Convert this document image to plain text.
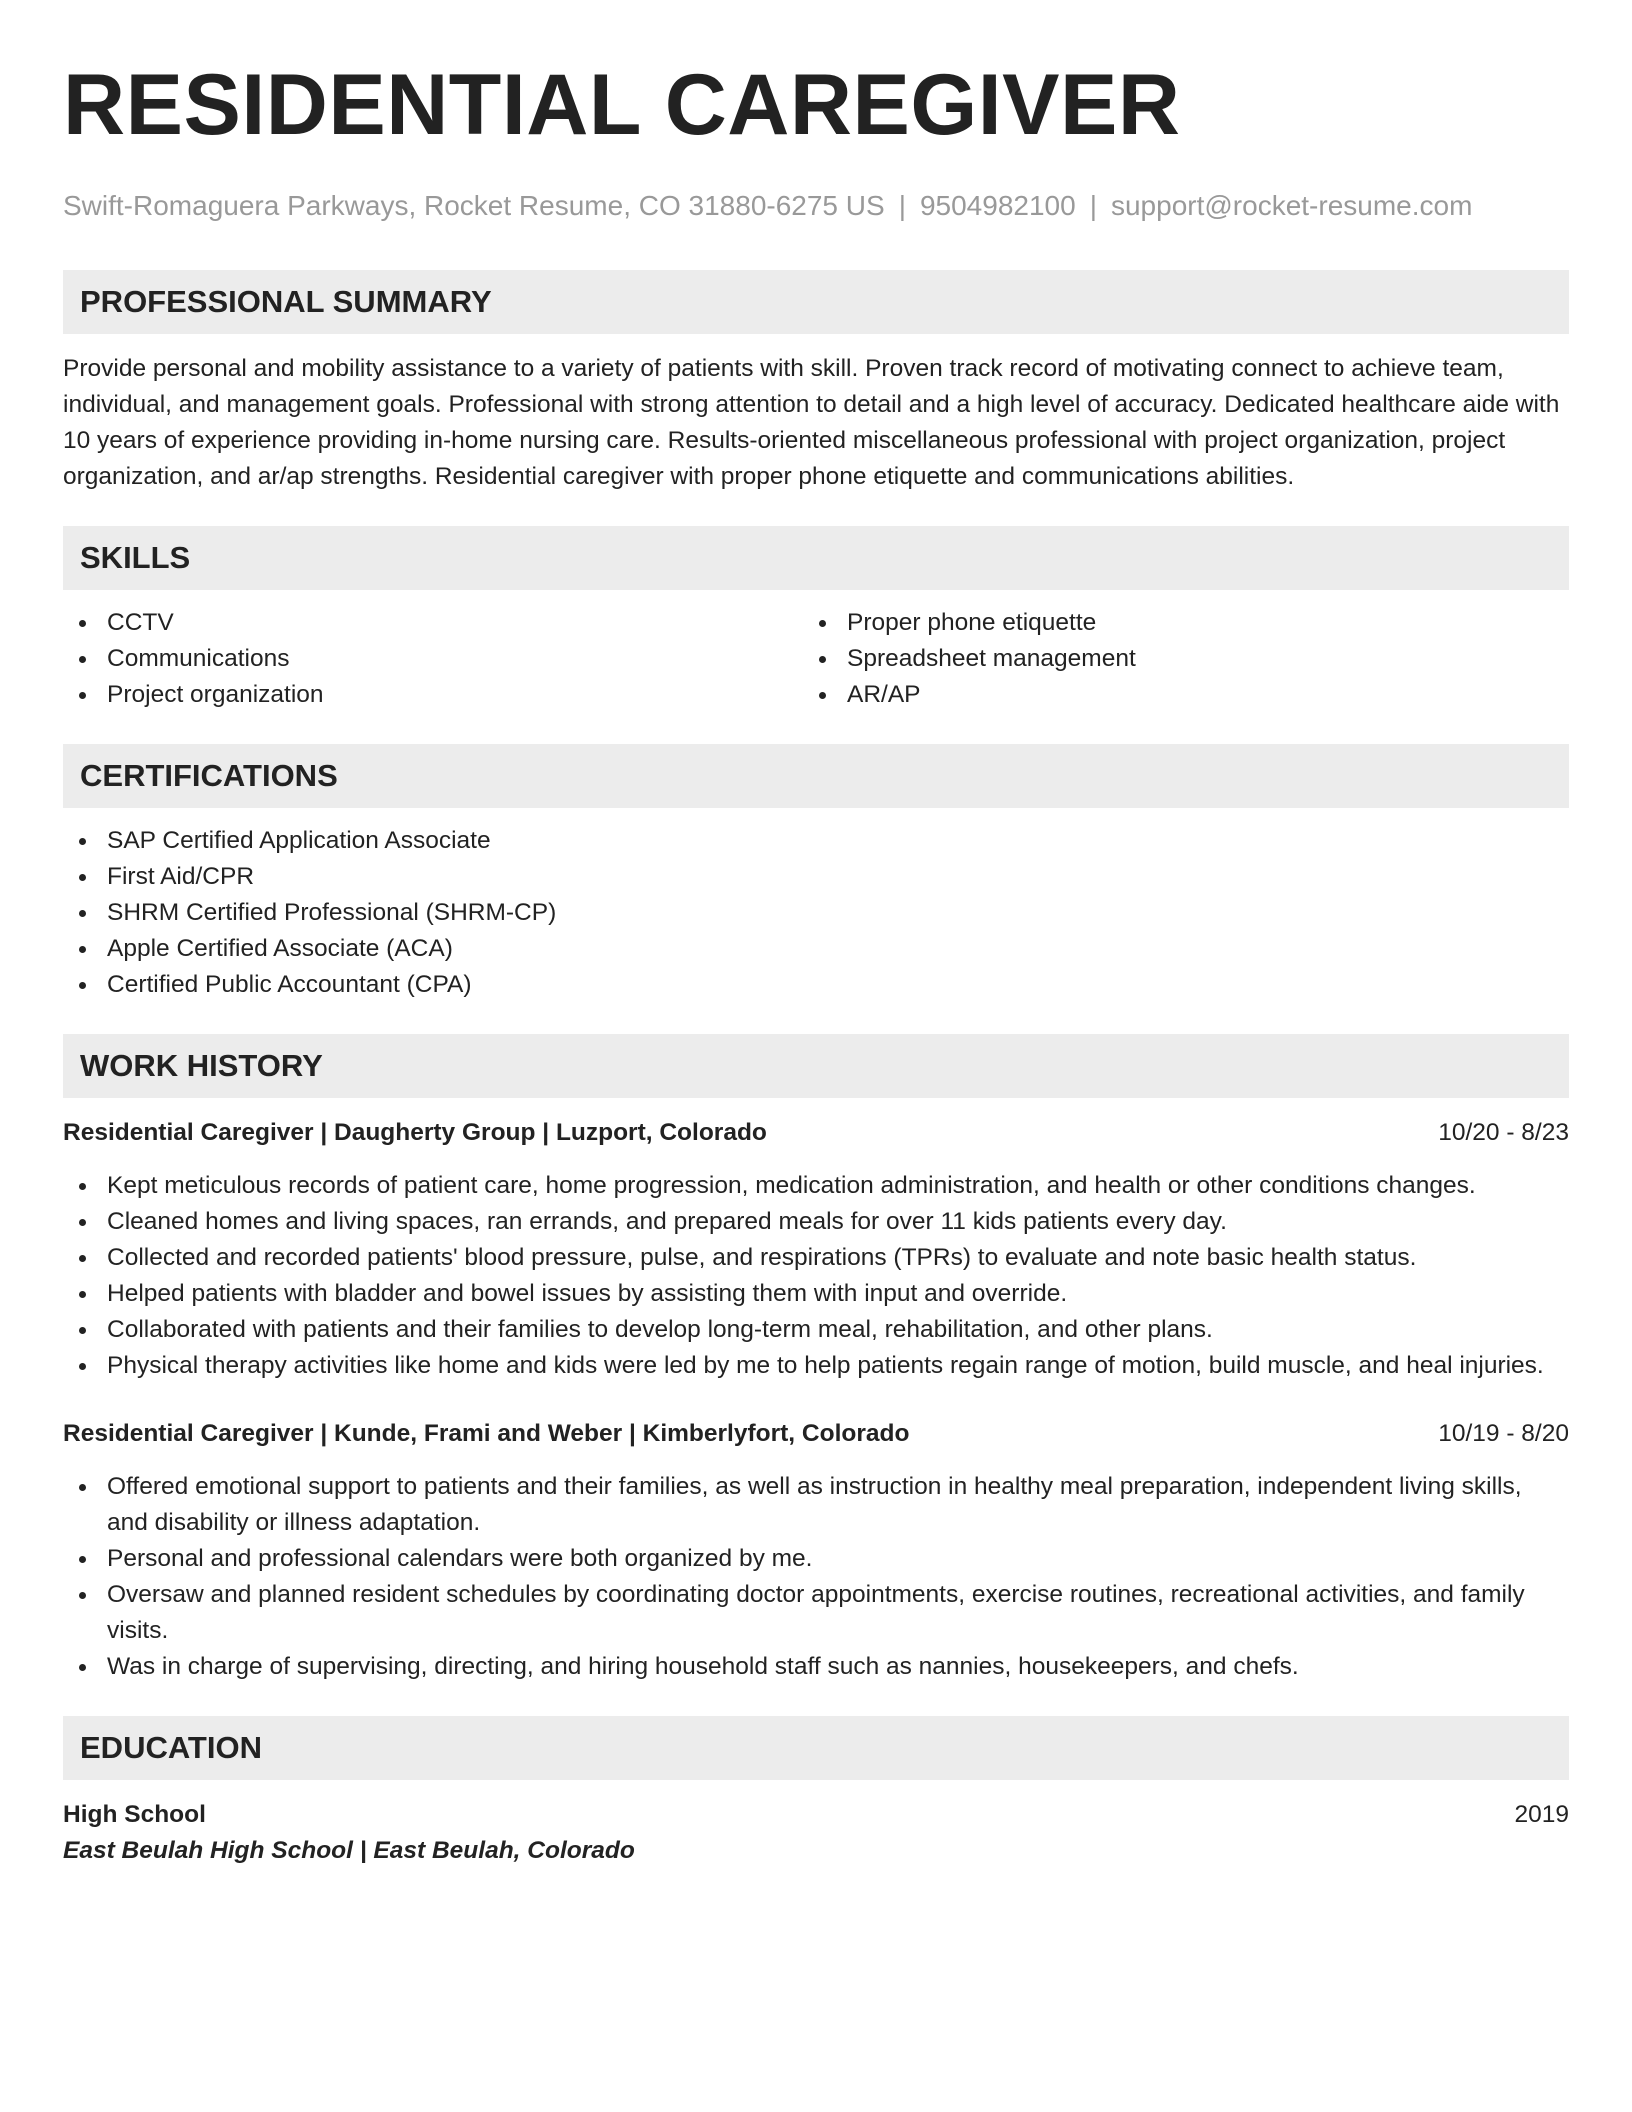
RESIDENTIAL CAREGIVER
Swift-Romaguera Parkways, Rocket Resume, CO 31880-6275 US | 9504982100 | support@rocket-resume.com
PROFESSIONAL SUMMARY
Provide personal and mobility assistance to a variety of patients with skill. Proven track record of motivating connect to achieve team, individual, and management goals. Professional with strong attention to detail and a high level of accuracy. Dedicated healthcare aide with 10 years of experience providing in-home nursing care. Results-oriented miscellaneous professional with project organization, project organization, and ar/ap strengths. Residential caregiver with proper phone etiquette and communications abilities.
SKILLS
CCTV
Communications
Project organization
Proper phone etiquette
Spreadsheet management
AR/AP
CERTIFICATIONS
SAP Certified Application Associate
First Aid/CPR
SHRM Certified Professional (SHRM-CP)
Apple Certified Associate (ACA)
Certified Public Accountant (CPA)
WORK HISTORY
Residential Caregiver | Daugherty Group | Luzport, Colorado	10/20 - 8/23
Kept meticulous records of patient care, home progression, medication administration, and health or other conditions changes.
Cleaned homes and living spaces, ran errands, and prepared meals for over 11 kids patients every day.
Collected and recorded patients' blood pressure, pulse, and respirations (TPRs) to evaluate and note basic health status.
Helped patients with bladder and bowel issues by assisting them with input and override.
Collaborated with patients and their families to develop long-term meal, rehabilitation, and other plans.
Physical therapy activities like home and kids were led by me to help patients regain range of motion, build muscle, and heal injuries.
Residential Caregiver | Kunde, Frami and Weber | Kimberlyfort, Colorado	10/19 - 8/20
Offered emotional support to patients and their families, as well as instruction in healthy meal preparation, independent living skills, and disability or illness adaptation.
Personal and professional calendars were both organized by me.
Oversaw and planned resident schedules by coordinating doctor appointments, exercise routines, recreational activities, and family visits.
Was in charge of supervising, directing, and hiring household staff such as nannies, housekeepers, and chefs.
EDUCATION
High School	2019
East Beulah High School | East Beulah, Colorado
